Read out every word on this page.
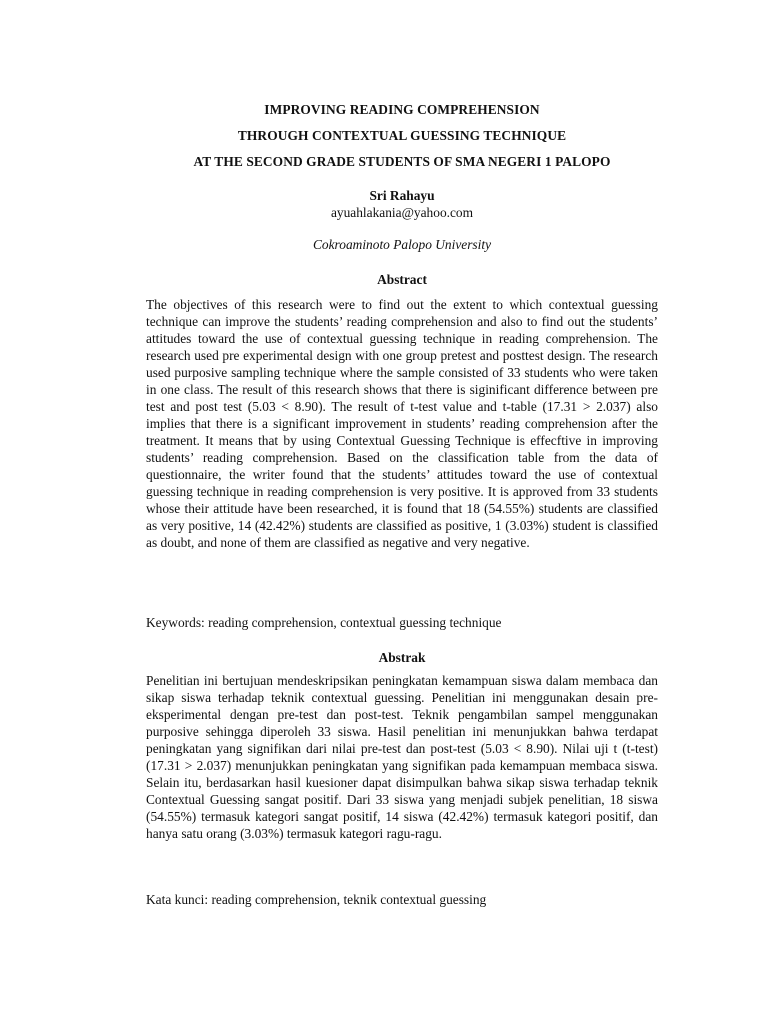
IMPROVING READING COMPREHENSION
THROUGH CONTEXTUAL GUESSING TECHNIQUE
AT THE SECOND GRADE STUDENTS OF SMA NEGERI 1 PALOPO
Sri Rahayu
ayuahlakania@yahoo.com
Cokroaminoto Palopo University
Abstract

The objectives of this research were to find out the extent to which contextual guessing technique can improve the students’ reading comprehension and also to find out the students’ attitudes toward the use of contextual guessing technique in reading comprehension. The research used pre experimental design with one group pretest and posttest design. The research used purposive sampling technique where the sample consisted of 33 students who were taken in one class. The result of this research shows that there is siginificant difference between pre test and post test (5.03 < 8.90). The result of t-test value and t-table (17.31 > 2.037) also implies that there is a significant improvement in students’ reading comprehension after the treatment. It means that by using Contextual Guessing Technique is effecftive in improving students’ reading comprehension. Based on the classification table from the data of questionnaire, the writer found that the students’ attitudes toward the use of contextual guessing technique in reading comprehension is very positive. It is approved from 33 students whose their attitude have been researched, it is found that 18 (54.55%) students are classified as very positive, 14 (42.42%) students are classified as positive, 1 (3.03%) student is classified as doubt, and none of them are classified as negative and very negative.

Keywords: reading comprehension, contextual guessing technique
Abstrak

Penelitian ini bertujuan mendeskripsikan peningkatan kemampuan siswa dalam membaca dan sikap siswa terhadap teknik contextual guessing. Penelitian ini menggunakan desain pre-eksperimental dengan pre-test dan post-test. Teknik pengambilan sampel menggunakan purposive sehingga diperoleh 33 siswa. Hasil penelitian ini menunjukkan bahwa terdapat peningkatan yang signifikan dari nilai pre-test dan post-test (5.03 < 8.90). Nilai uji t (t-test) (17.31 > 2.037) menunjukkan peningkatan yang signifikan pada kemampuan membaca siswa. Selain itu, berdasarkan hasil kuesioner dapat disimpulkan bahwa sikap siswa terhadap teknik Contextual Guessing sangat positif. Dari 33 siswa yang menjadi subjek penelitian, 18 siswa (54.55%) termasuk kategori sangat positif, 14 siswa (42.42%) termasuk kategori positif, dan hanya satu orang (3.03%) termasuk kategori ragu-ragu.

Kata kunci: reading comprehension, teknik contextual guessing
